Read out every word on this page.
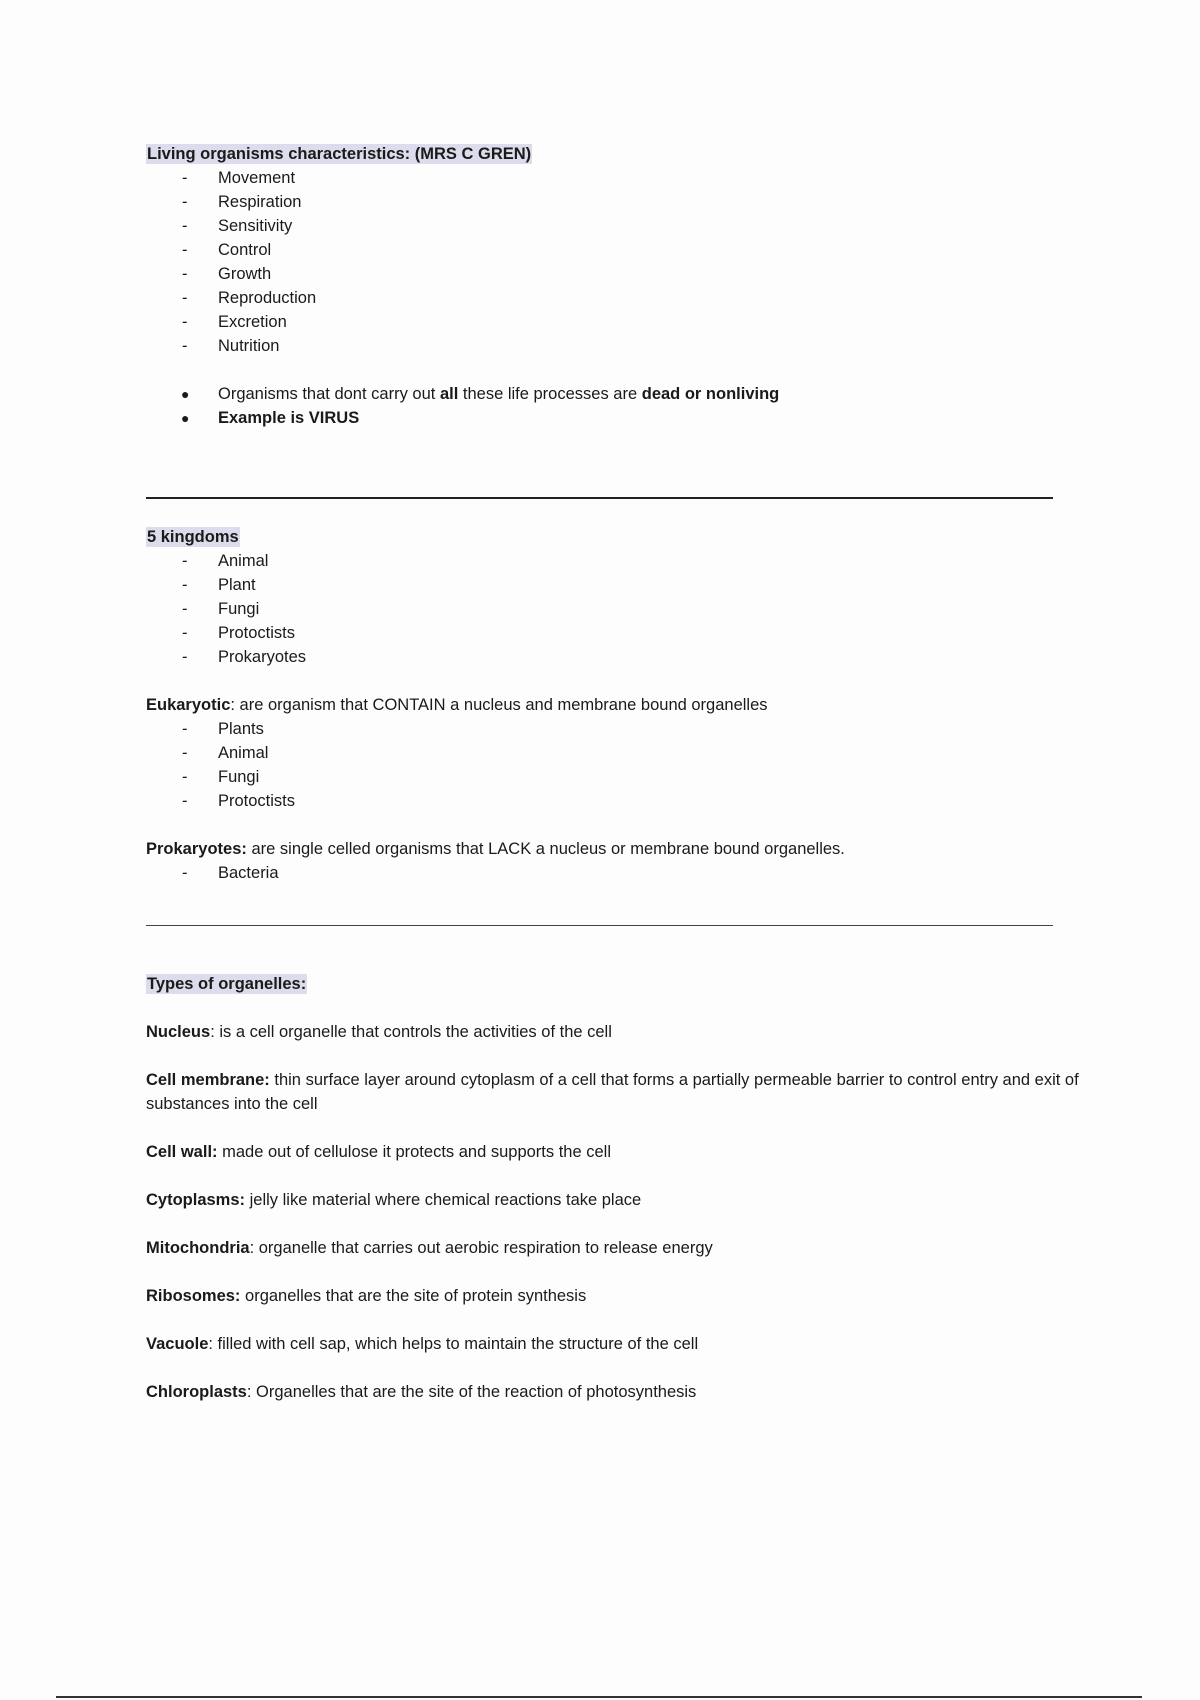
Living organisms characteristics: (MRS C GREN)
- Movement
- Respiration
- Sensitivity
- Control
- Growth
- Reproduction
- Excretion
- Nutrition
● Organisms that dont carry out all these life processes are dead or nonliving
● Example is VIRUS
5 kingdoms
- Animal
- Plant
- Fungi
- Protoctists
- Prokaryotes

Eukaryotic: are organism that CONTAIN a nucleus and membrane bound organelles

- Plants
- Animal
- Fungi
- Protoctists

Prokaryotes: are single celled organisms that LACK a nucleus or membrane bound organelles.

- Bacteria
Types of organelles:

Nucleus: is a cell organelle that controls the activities of the cell

Cell membrane: thin surface layer around cytoplasm of a cell that forms a partially permeable barrier to control entry and exit of substances into the cell

Cell wall: made out of cellulose it protects and supports the cell

Cytoplasms: jelly like material where chemical reactions take place

Mitochondria: organelle that carries out aerobic respiration to release energy

Ribosomes: organelles that are the site of protein synthesis

Vacuole: filled with cell sap, which helps to maintain the structure of the cell

Chloroplasts: Organelles that are the site of the reaction of photosynthesis
